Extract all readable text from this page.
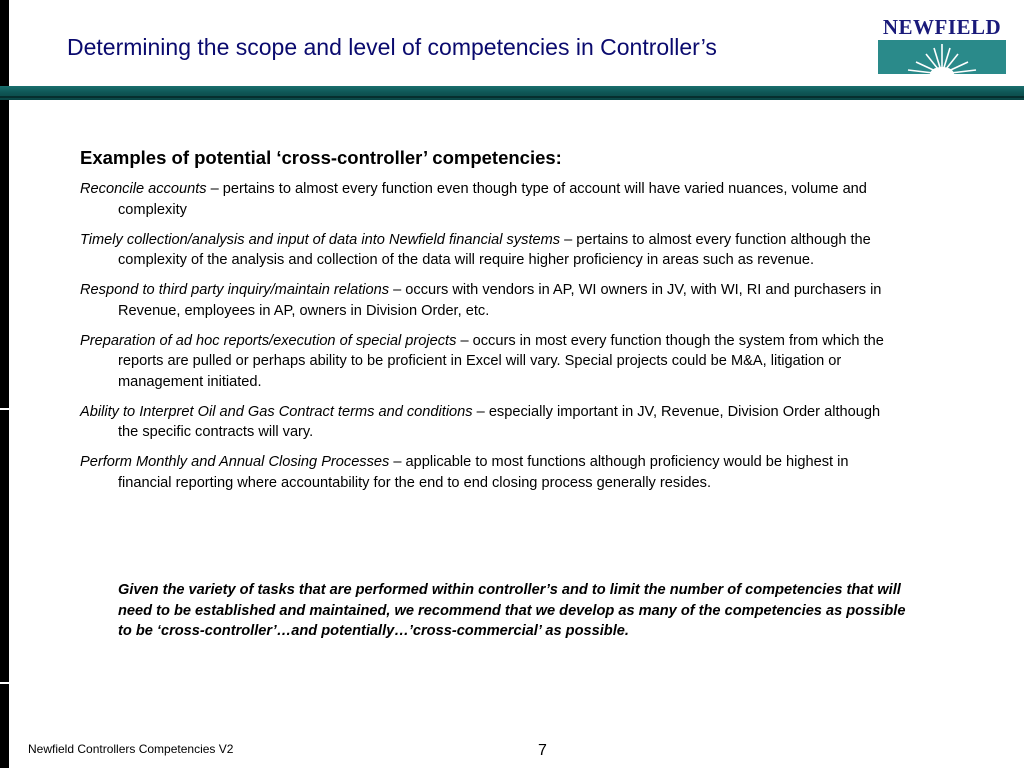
Determining the scope and level of competencies in Controller’s
NEWFIELD
Examples of potential ‘cross-controller’ competencies:

Reconcile accounts – pertains to almost every function even though type of account will have varied nuances, volume and complexity

Timely collection/analysis and input of data into Newfield financial systems – pertains to almost every function although the complexity of the analysis and collection of the data will require higher proficiency in areas such as revenue.

Respond to third party inquiry/maintain relations – occurs with vendors in AP, WI owners in JV, with WI, RI and purchasers in Revenue, employees in AP, owners in Division Order, etc.

Preparation of ad hoc reports/execution of special projects – occurs in most every function though the system from which the reports are pulled or perhaps ability to be proficient in Excel will vary. Special projects could be M&A, litigation or management initiated.

Ability to Interpret Oil and Gas Contract terms and conditions – especially important in JV, Revenue, Division Order although the specific contracts will vary.

Perform Monthly and Annual Closing Processes – applicable to most functions although proficiency would be highest in financial reporting where accountability for the end to end closing process generally resides.

Given the variety of tasks that are performed within controller’s and to limit the number of competencies that will need to be established and maintained, we recommend that we develop as many of the competencies as possible to be ‘cross-controller’…and potentially…’cross-commercial’ as possible.
Newfield Controllers Competencies V2	7
